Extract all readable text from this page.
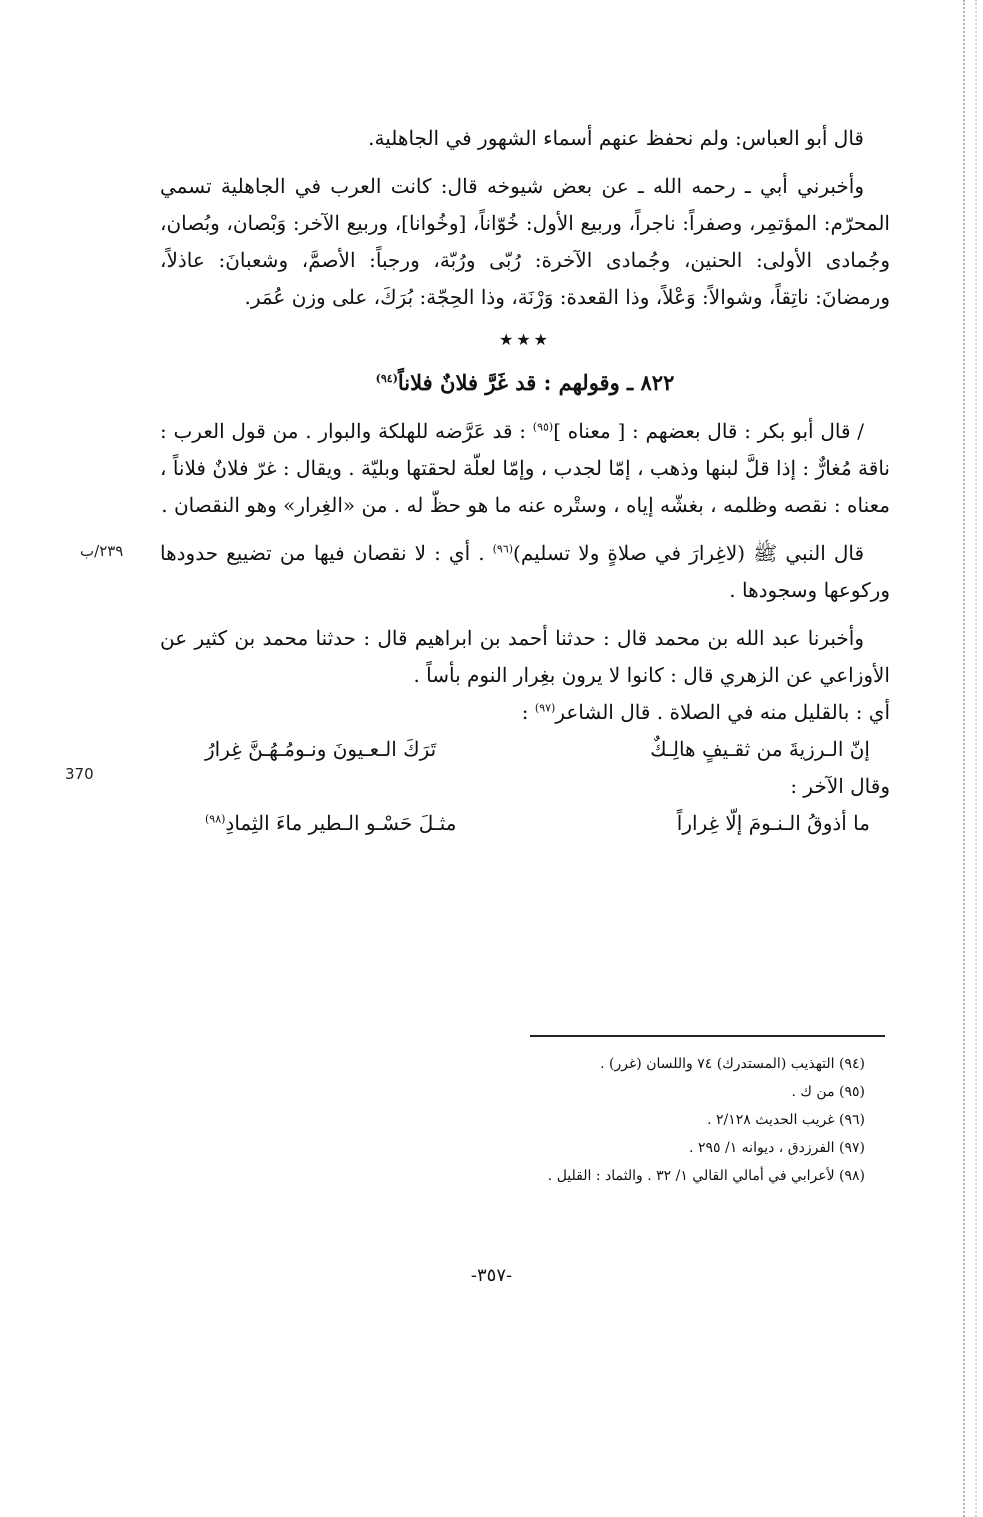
قال أبو العباس: ولم نحفظ عنهم أسماء الشهور في الجاهلية.

وأخبرني أبي ـ رحمه الله ـ عن بعض شيوخه قال: كانت العرب في الجاهلية تسمي المحرّم: المؤتمِر، وصفراً: ناجراً، وربيع الأول: خُوّاناً، [وخُوانا]، وربيع الآخر: وَبْصان، وبُصان، وجُمادى الأولى: الحنين، وجُمادى الآخرة: رُبّى ورُبّة، ورجباً: الأصمَّ، وشعبانَ: عاذلاً، ورمضانَ: ناتِقاً، وشوالاً: وَعْلاً، وذا القعدة: وَرْنَة، وذا الحِجّة: بُرَكَ، على وزن عُمَر.

★★★

٨٢٢ ـ وقولهم : قد غَرَّ فلانٌ فلاناً$^{(٩٤)}$

/ قال أبو بكر : قال بعضهم : [ معناه ]$^{(٩٥)}$ : قد عَرَّضه للهلكة والبوار . من قول العرب : ناقة مُغارٌّ : إذا قلَّ لبنها وذهب ، إمّا لجدب ، وإمّا لعلّة لحقتها وبليّة . ويقال : غرّ فلانٌ فلاناً ، معناه : نقصه وظلمه ، بغشّه إياه ، وستْره عنه ما هو حظّ له . من «الغِرار» وهو النقصان .

قال النبي ﷺ (لاغِرارَ في صلاةٍ ولا تسليم)$^{(٩٦)}$ . أي : لا نقصان فيها من تضييع حدودها وركوعها وسجودها .

وأخبرنا عبد الله بن محمد قال : حدثنا أحمد بن ابراهيم قال : حدثنا محمد بن كثير عن الأوزاعي عن الزهري قال : كانوا لا يرون بغِرار النوم بأساً .

أي : بالقليل منه في الصلاة . قال الشاعر$^{(٩٧)}$ :

إنّ الـرزيةَ من ثقـيفٍ هالِـكٌ
تَرَكَ الـعـيونَ ونـومُـهُـنَّ غِرارُ

وقال الآخر :

ما أذوقُ الـنـومَ إلّا غِراراً
مثـلَ حَسْـو الـطير ماءَ الثِمادِ$^{(٩٨)}$
٢٣٩/ب
370

(٩٤) التهذيب (المستدرك) ٧٤ واللسان (غرر) .

(٩٥) من ك .

(٩٦) غريب الحديث ٢/١٢٨ .

(٩٧) الفرزدق ، ديوانه ١/ ٢٩٥ .

(٩٨) لأعرابي في أمالي القالي ١/ ٣٢ . والثماد : القليل .

-٣٥٧-
